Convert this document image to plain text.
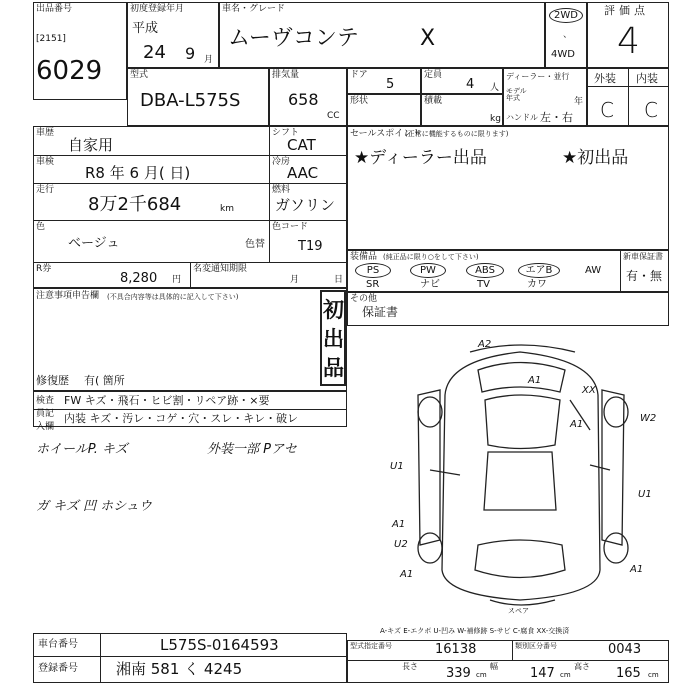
出品番号
[2151]
6029
初度登録年月
平成
24 9 月
車名・グレード
ムーヴコンテ	X
2WD
、
4WD
評価点
4
型式
DBA-L575S
排気量
658
CC
ドア
5
定員
4 人
形状	積載
kg
ディーラー・並行
モデル年式	年
ハンドル 左・右
外装 内装
C C
車歴
自家用
車検
R8 年 6 月( 日)
走行
8万2千684	km
色
ベージュ	色替
シフト
CAT
冷房
AAC
燃料
ガソリン
色コード
T19
R券
8,280 円
名変通知期限
月	日
セールスポイント
(正常に機能するものに限ります)
★ディーラー出品	★初出品
装備品 (純正品に限り○をして下さい)	新車保証書
有・無
PS	PW	ABS	エアB	AW
SR	ナビ	TV	カワ
その他
保証書
注意事項申告欄 (不具合内容等は具体的に記入して下さい)
初出品
修復歴 有( 箇所
検査員記入欄
FW キズ・飛石・ヒビ割・リペア跡・×要
内装 キズ・汚レ・コゲ・穴・スレ・キレ・破レ
ホイールP. キズ	外装一部 Pアセ
ガ キズ 凹 ホシュウ
A2
A1
XX
U1
W2
U1
A1
U2
A1	A1
A1
スペア
A-キズ E-エクボ U-凹み W-補修跡 S-サビ C-腐食 XX-交換済
車台番号	L575S-0164593
登録番号	湘南 581 く 4245
型式指定番号	16138	類別区分番号	0043
長さ 339 cm
幅 147 cm
高さ 165 cm
